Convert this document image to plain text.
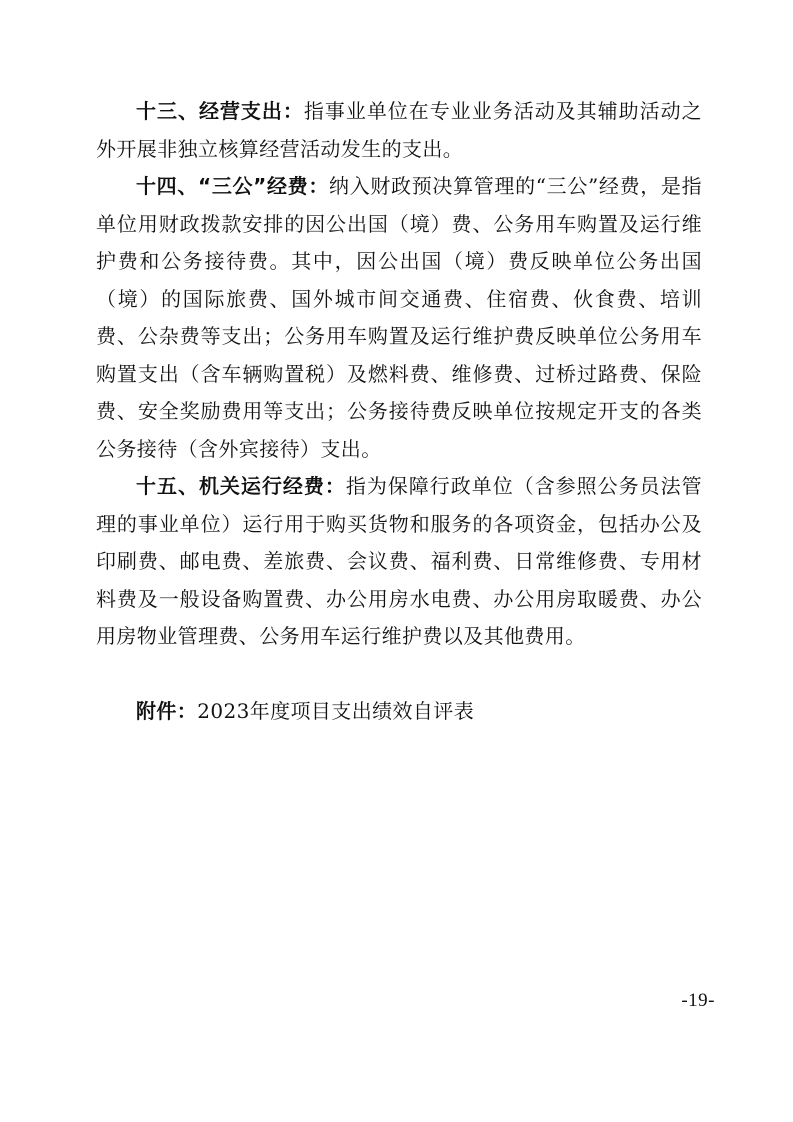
十三、经营支出：指事业单位在专业业务活动及其辅助活动之外开展非独立核算经营活动发生的支出。

十四、“三公”经费：纳入财政预决算管理的“三公”经费，是指单位用财政拨款安排的因公出国（境）费、公务用车购置及运行维护费和公务接待费。其中，因公出国（境）费反映单位公务出国（境）的国际旅费、国外城市间交通费、住宿费、伙食费、培训费、公杂费等支出；公务用车购置及运行维护费反映单位公务用车购置支出（含车辆购置税）及燃料费、维修费、过桥过路费、保险费、安全奖励费用等支出；公务接待费反映单位按规定开支的各类公务接待（含外宾接待）支出。

十五、机关运行经费：指为保障行政单位（含参照公务员法管理的事业单位）运行用于购买货物和服务的各项资金，包括办公及印刷费、邮电费、差旅费、会议费、福利费、日常维修费、专用材料费及一般设备购置费、办公用房水电费、办公用房取暖费、办公用房物业管理费、公务用车运行维护费以及其他费用。

附件：2023年度项目支出绩效自评表

-19-
